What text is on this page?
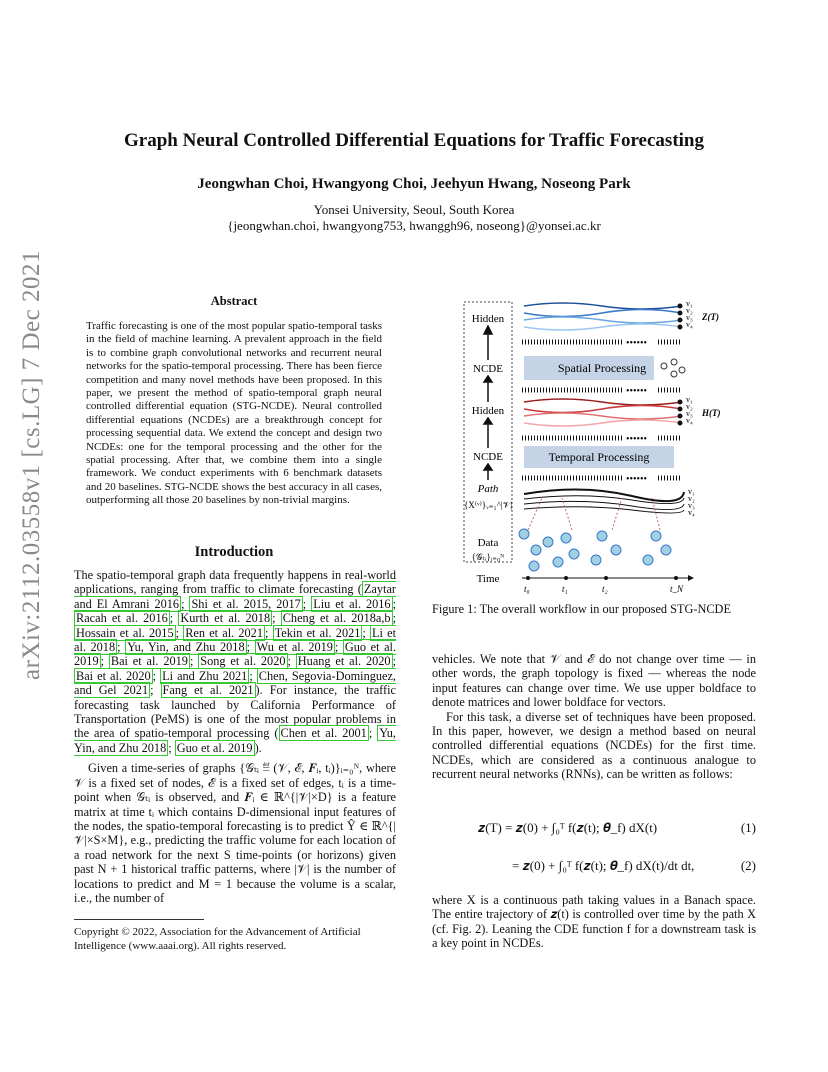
Graph Neural Controlled Differential Equations for Traffic Forecasting
Jeongwhan Choi, Hwangyong Choi, Jeehyun Hwang, Noseong Park
Yonsei University, Seoul, South Korea
{jeongwhan.choi, hwangyong753, hwanggh96, noseong}@yonsei.ac.kr
arXiv:2112.03558v1 [cs.LG] 7 Dec 2021	Abstract
Traffic forecasting is one of the most popular spatio-temporal tasks in the field of machine learning. A prevalent approach in the field is to combine graph convolutional networks and recurrent neural networks for the spatio-temporal processing. There has been fierce competition and many novel methods have been proposed. In this paper, we present the method of spatio-temporal graph neural controlled differential equation (STG-NCDE). Neural controlled differential equations (NCDEs) are a breakthrough concept for processing sequential data. We extend the concept and design two NCDEs: one for the temporal processing and the other for the spatial processing. After that, we combine them into a single framework. We conduct experiments with 6 benchmark datasets and 20 baselines. STG-NCDE shows the best accuracy in all cases, outperforming all those 20 baselines by non-trivial margins.
Introduction

The spatio-temporal graph data frequently happens in real-world applications, ranging from traffic to climate forecasting ( Zaytar and El Amrani 2016 ; Shi et al. 2015, 2017 ; Liu et al. 2016 ; Racah et al. 2016 ; Kurth et al. 2018 ; Cheng et al. 2018a,b ; Hossain et al. 2015 ; Ren et al. 2021 ; Tekin et al. 2021 ; Li et al. 2018 ; Yu, Yin, and Zhu 2018 ; Wu et al. 2019 ; Guo et al. 2019 ; Bai et al. 2019 ; Song et al. 2020 ; Huang et al. 2020 ; Bai et al. 2020 ; Li and Zhu 2021 ; Chen, Segovia-Dominguez, and Gel 2021 ; Fang et al. 2021 ). For instance, the traffic forecasting task launched by California Performance of Transportation (PeMS) is one of the most popular problems in the area of spatio-temporal processing ( Chen et al. 2001 ; Yu, Yin, and Zhu 2018 ; Guo et al. 2019 ).

Given a time-series of graphs {𝒢ₜᵢ ≝ (𝒱, ℰ, 𝑭ᵢ, tᵢ)}ᵢ₌₀ᴺ, where 𝒱 is a fixed set of nodes, ℰ is a fixed set of edges, tᵢ is a time-point when 𝒢ₜᵢ is observed, and 𝑭ᵢ ∈ ℝ^{|𝒱|×D} is a feature matrix at time tᵢ which contains D-dimensional input features of the nodes, the spatio-temporal forecasting is to predict Ŷ ∈ ℝ^{|𝒱|×S×M}, e.g., predicting the traffic volume for each location of a road network for the next S time-points (or horizons) given past N + 1 historical traffic patterns, where |𝒱| is the number of locations to predict and M = 1 because the volume is a scalar, i.e., the number of

Copyright © 2022, Association for the Advancement of Artificial Intelligence (www.aaai.org). All rights reserved.
Hidden
NCDE
Hidden
NCDE
Path
{X⁽ᵛ⁾}ᵥ₌₁^|𝒱|
Data
{𝒢ₜᵢ}ᵢ₌₀ᴺ
Time
v₁ v₂ v₃ v₄
Z(T)
••••••
Spatial Processing
••••••
v₁ v₂ v₃ v₄
H(T)
••••••
Temporal Processing
••••••
v₁ v₂ v₃ v₄
t₀	t₁	t₂	t_N
Figure 1: The overall workflow in our proposed STG-NCDE

vehicles. We note that 𝒱 and ℰ do not change over time — in other words, the graph topology is fixed — whereas the node input features can change over time. We use upper boldface to denote matrices and lower boldface for vectors.

For this task, a diverse set of techniques have been proposed. In this paper, however, we design a method based on neural controlled differential equations (NCDEs) for the first time. NCDEs, which are considered as a continuous analogue to recurrent neural networks (RNNs), can be written as follows:

𝒛(T) = 𝒛(0) + ∫₀ᵀ f(𝒛(t); 𝜽_f) dX(t)	(1)
= 𝒛(0) + ∫₀ᵀ f(𝒛(t); 𝜽_f) dX(t)/dt dt,	(2)
where X is a continuous path taking values in a Banach space. The entire trajectory of 𝒛(t) is controlled over time by the path X (cf. Fig. 2). Leaning the CDE function f for a downstream task is a key point in NCDEs.
